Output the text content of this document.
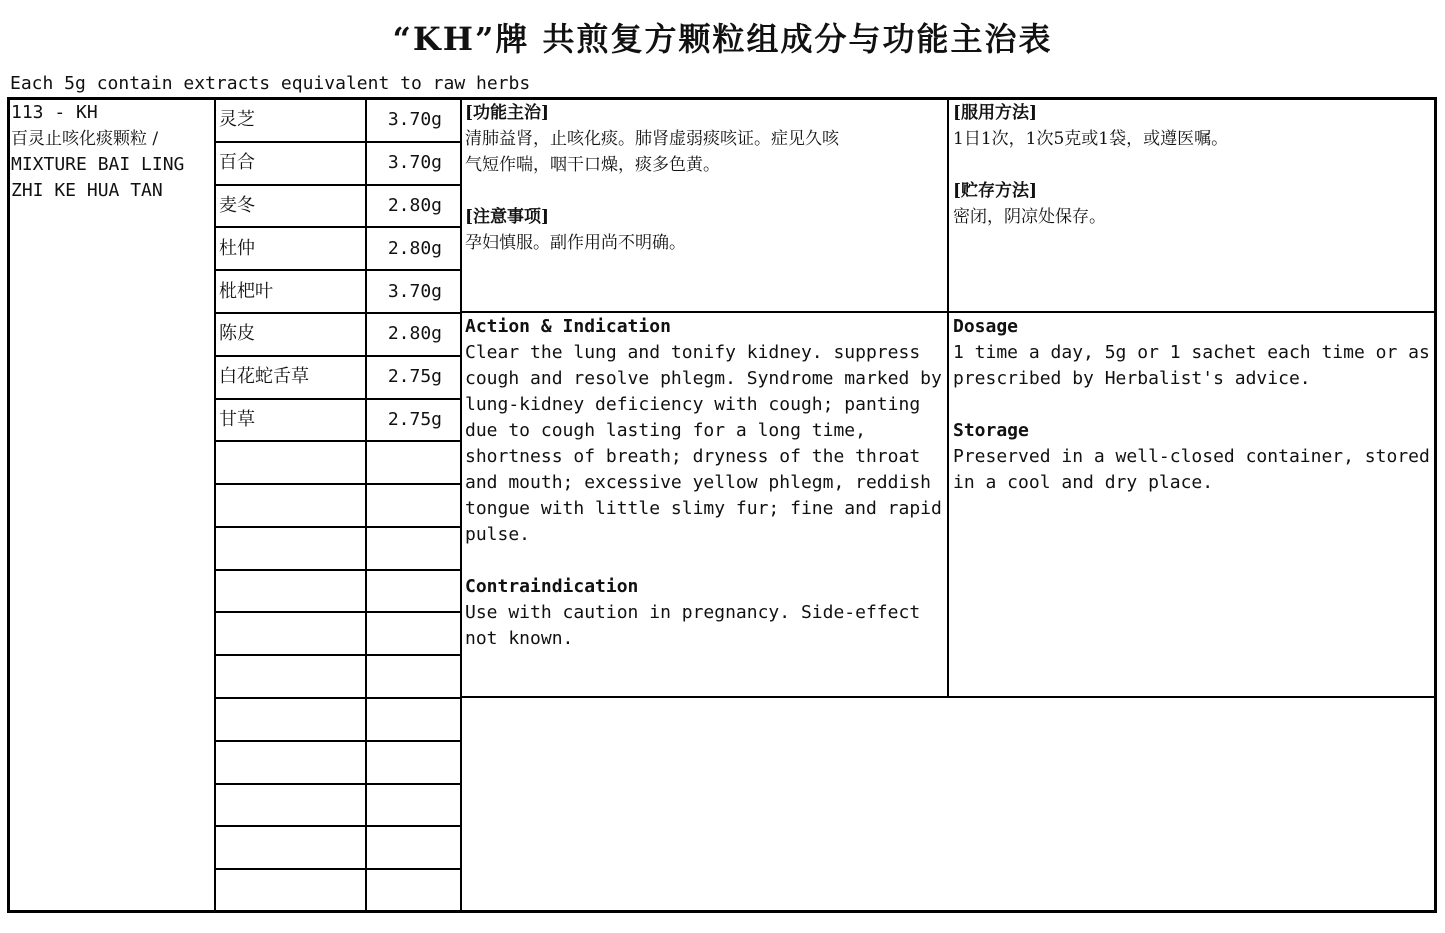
“KH”牌 共煎复方颗粒组成分与功能主治表
Each 5g contain extracts equivalent to raw herbs
113 - KH
百灵止咳化痰颗粒 /
MIXTURE BAI LING
ZHI KE HUA TAN
灵芝	3.70g
百合	3.70g
麦冬	2.80g
杜仲	2.80g
枇杷叶	3.70g
陈皮	2.80g
白花蛇舌草	2.75g
甘草	2.75g
[功能主治]
清肺益肾，止咳化痰。肺肾虚弱痰咳证。症见久咳
气短作喘，咽干口燥，痰多色黄。
[注意事项]
孕妇慎服。副作用尚不明确。
[服用方法]
1日1次，1次5克或1袋，或遵医嘱。
[贮存方法]
密闭，阴凉处保存。
Action & Indication
Clear the lung and tonify kidney. suppress
cough and resolve phlegm. Syndrome marked by
lung-kidney deficiency with cough; panting
due to cough lasting for a long time,
shortness of breath; dryness of the throat
and mouth; excessive yellow phlegm, reddish
tongue with little slimy fur; fine and rapid
pulse.
Contraindication
Use with caution in pregnancy. Side-effect
not known.
Dosage
1 time a day, 5g or 1 sachet each time or as
prescribed by Herbalist's advice.
Storage
Preserved in a well-closed container, stored
in a cool and dry place.
